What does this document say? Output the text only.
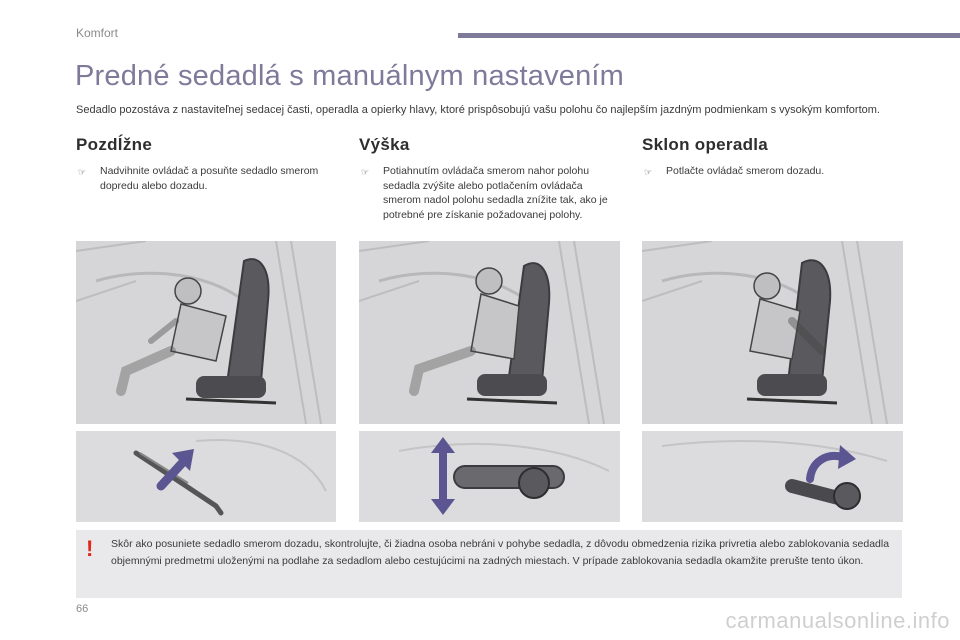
Komfort
Predné sedadlá s manuálnym nastavením
Sedadlo pozostáva z nastaviteľnej sedacej časti, operadla a opierky hlavy, ktoré prispôsobujú vašu polohu čo najlepším jazdným podmienkam s vysokým komfortom.
Pozdĺžne
☞ Nadvihnite ovládač a posuňte sedadlo smerom dopredu alebo dozadu.
Výška
☞ Potiahnutím ovládača smerom nahor polohu sedadla zvýšite alebo potlačením ovládača smerom nadol polohu sedadla znížite tak, ako je potrebné pre získanie požadovanej polohy.
Sklon operadla
☞ Potlačte ovládač smerom dozadu.
! Skôr ako posuniete sedadlo smerom dozadu, skontrolujte, či žiadna osoba nebráni v pohybe sedadla, z dôvodu obmedzenia rizika privretia alebo zablokovania sedadla objemnými predmetmi uloženými na podlahe za sedadlom alebo cestujúcimi na zadných miestach. V prípade zablokovania sedadla okamžite prerušte tento úkon.
66	carmanualsonline.info
